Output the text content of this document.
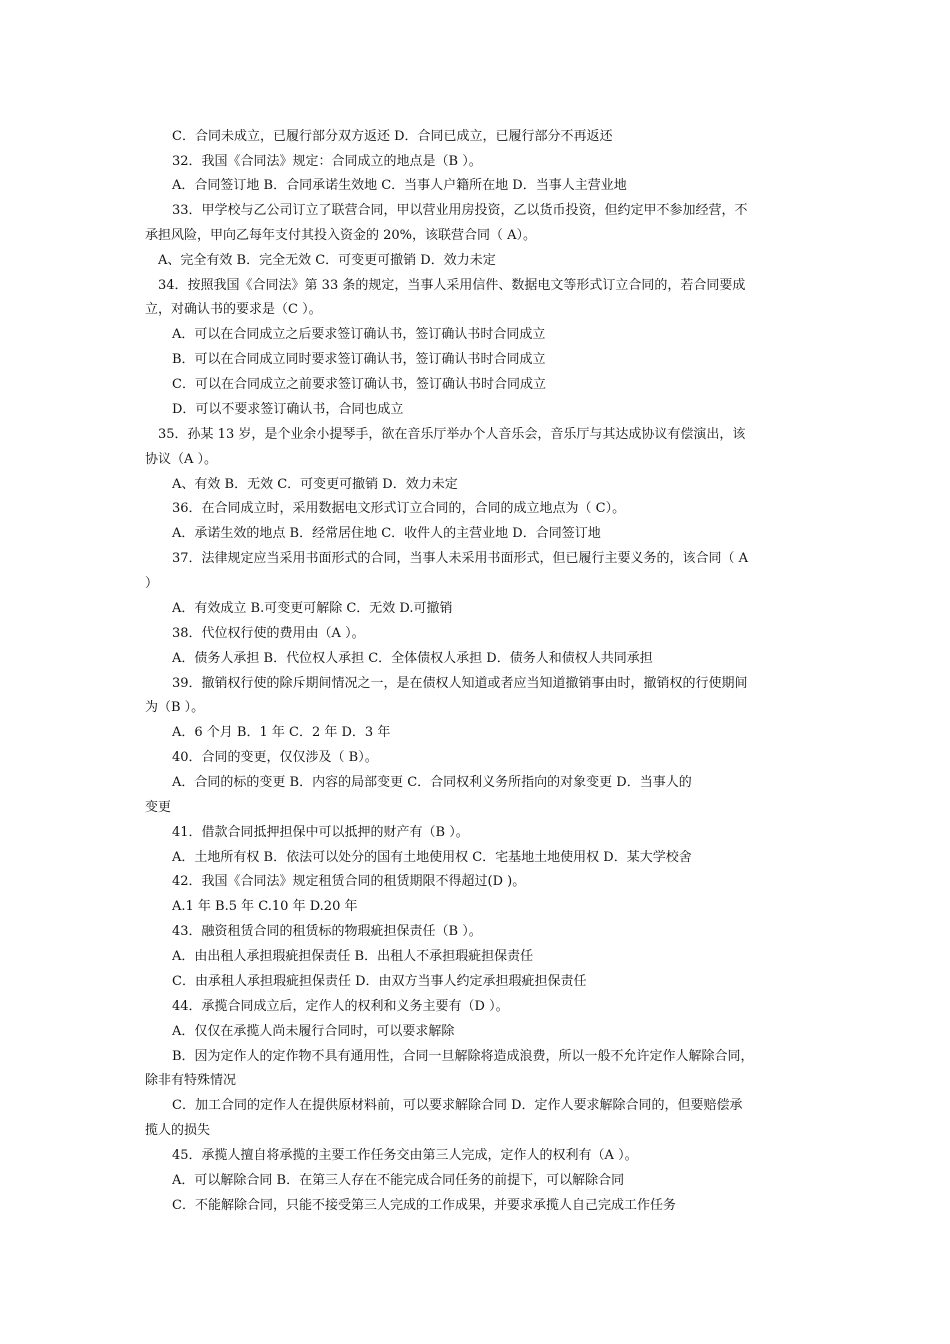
C．合同未成立，已履行部分双方返还 D．合同已成立，已履行部分不再返还
32．我国《合同法》规定：合同成立的地点是（B ）。
A．合同签订地 B．合同承诺生效地 C．当事人户籍所在地 D．当事人主营业地
33．甲学校与乙公司订立了联营合同，甲以营业用房投资，乙以货币投资，但约定甲不参加经营，不
承担风险，甲向乙每年支付其投入资金的 20%，该联营合同（ A）。
A、完全有效 B．完全无效 C．可变更可撤销 D．效力未定
34．按照我国《合同法》第 33 条的规定，当事人采用信件、数据电文等形式订立合同的，若合同要成
立，对确认书的要求是（C ）。
A．可以在合同成立之后要求签订确认书，签订确认书时合同成立
B．可以在合同成立同时要求签订确认书，签订确认书时合同成立
C．可以在合同成立之前要求签订确认书，签订确认书时合同成立
D．可以不要求签订确认书，合同也成立
35．孙某 13 岁，是个业余小提琴手，欲在音乐厅举办个人音乐会，音乐厅与其达成协议有偿演出，该
协议（A ）。
A、有效 B．无效 C．可变更可撤销 D．效力未定
36．在合同成立时，采用数据电文形式订立合同的，合同的成立地点为（ C）。
A．承诺生效的地点 B．经常居住地 C．收件人的主营业地 D．合同签订地
37．法律规定应当采用书面形式的合同，当事人未采用书面形式，但已履行主要义务的，该合同（ A
）
A．有效成立 B.可变更可解除 C．无效 D.可撤销
38．代位权行使的费用由（A ）。
A．债务人承担 B．代位权人承担 C．全体债权人承担 D．债务人和债权人共同承担
39．撤销权行使的除斥期间情况之一，是在债权人知道或者应当知道撤销事由时，撤销权的行使期间
为（B ）。
A．6 个月 B．1 年 C．2 年 D．3 年
40．合同的变更，仅仅涉及（ B）。
A．合同的标的变更 B．内容的局部变更 C．合同权利义务所指向的对象变更 D．当事人的
变更
41．借款合同抵押担保中可以抵押的财产有（B ）。
A．土地所有权 B．依法可以处分的国有土地使用权 C．宅基地土地使用权 D．某大学校舍
42．我国《合同法》规定租赁合同的租赁期限不得超过(D )。
A.1 年 B.5 年 C.10 年 D.20 年
43．融资租赁合同的租赁标的物瑕疵担保责任（B ）。
A．由出租人承担瑕疵担保责任 B．出租人不承担瑕疵担保责任
C．由承租人承担瑕疵担保责任 D．由双方当事人约定承担瑕疵担保责任
44．承揽合同成立后，定作人的权利和义务主要有（D ）。
A．仅仅在承揽人尚未履行合同时，可以要求解除
B．因为定作人的定作物不具有通用性，合同一旦解除将造成浪费，所以一般不允许定作人解除合同，
除非有特殊情况
C．加工合同的定作人在提供原材料前，可以要求解除合同 D．定作人要求解除合同的，但要赔偿承
揽人的损失
45．承揽人擅自将承揽的主要工作任务交由第三人完成，定作人的权利有（A ）。
A．可以解除合同 B．在第三人存在不能完成合同任务的前提下，可以解除合同
C．不能解除合同，只能不接受第三人完成的工作成果，并要求承揽人自己完成工作任务
